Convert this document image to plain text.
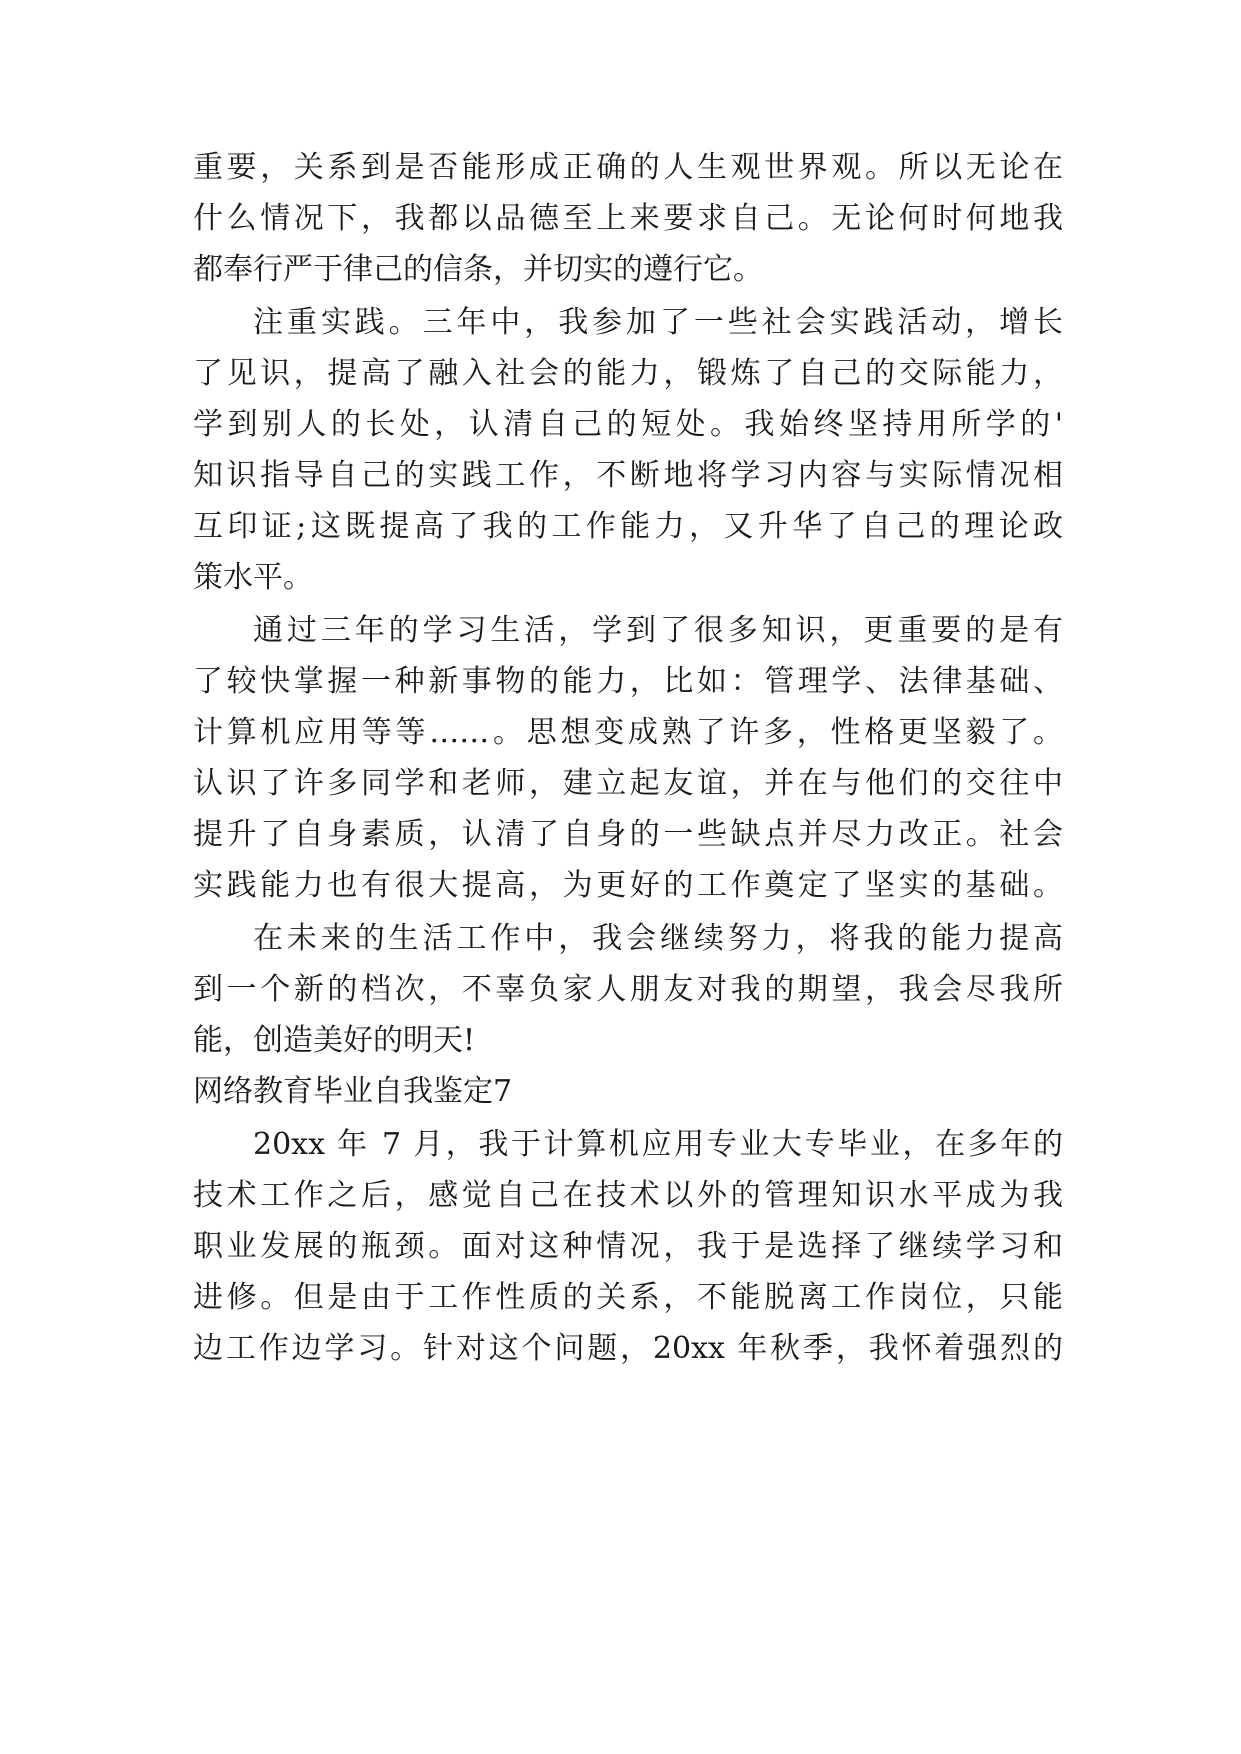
重要，关系到是否能形成正确的人生观世界观。所以无论在
什么情况下，我都以品德至上来要求自己。无论何时何地我
都奉行严于律己的信条，并切实的遵行它。
注重实践。三年中，我参加了一些社会实践活动，增长
了见识，提高了融入社会的能力，锻炼了自己的交际能力，
学到别人的长处，认清自己的短处。我始终坚持用所学的'
知识指导自己的实践工作，不断地将学习内容与实际情况相
互印证;这既提高了我的工作能力，又升华了自己的理论政
策水平。
通过三年的学习生活，学到了很多知识，更重要的是有
了较快掌握一种新事物的能力，比如：管理学、法律基础、
计算机应用等等……。思想变成熟了许多，性格更坚毅了。
认识了许多同学和老师，建立起友谊，并在与他们的交往中
提升了自身素质，认清了自身的一些缺点并尽力改正。社会
实践能力也有很大提高，为更好的工作奠定了坚实的基础。
在未来的生活工作中，我会继续努力，将我的能力提高
到一个新的档次，不辜负家人朋友对我的期望，我会尽我所
能，创造美好的明天!
网络教育毕业自我鉴定7
20xx 年 7 月，我于计算机应用专业大专毕业，在多年的
技术工作之后，感觉自己在技术以外的管理知识水平成为我
职业发展的瓶颈。面对这种情况，我于是选择了继续学习和
进修。但是由于工作性质的关系，不能脱离工作岗位，只能
边工作边学习。针对这个问题，20xx 年秋季，我怀着强烈的
